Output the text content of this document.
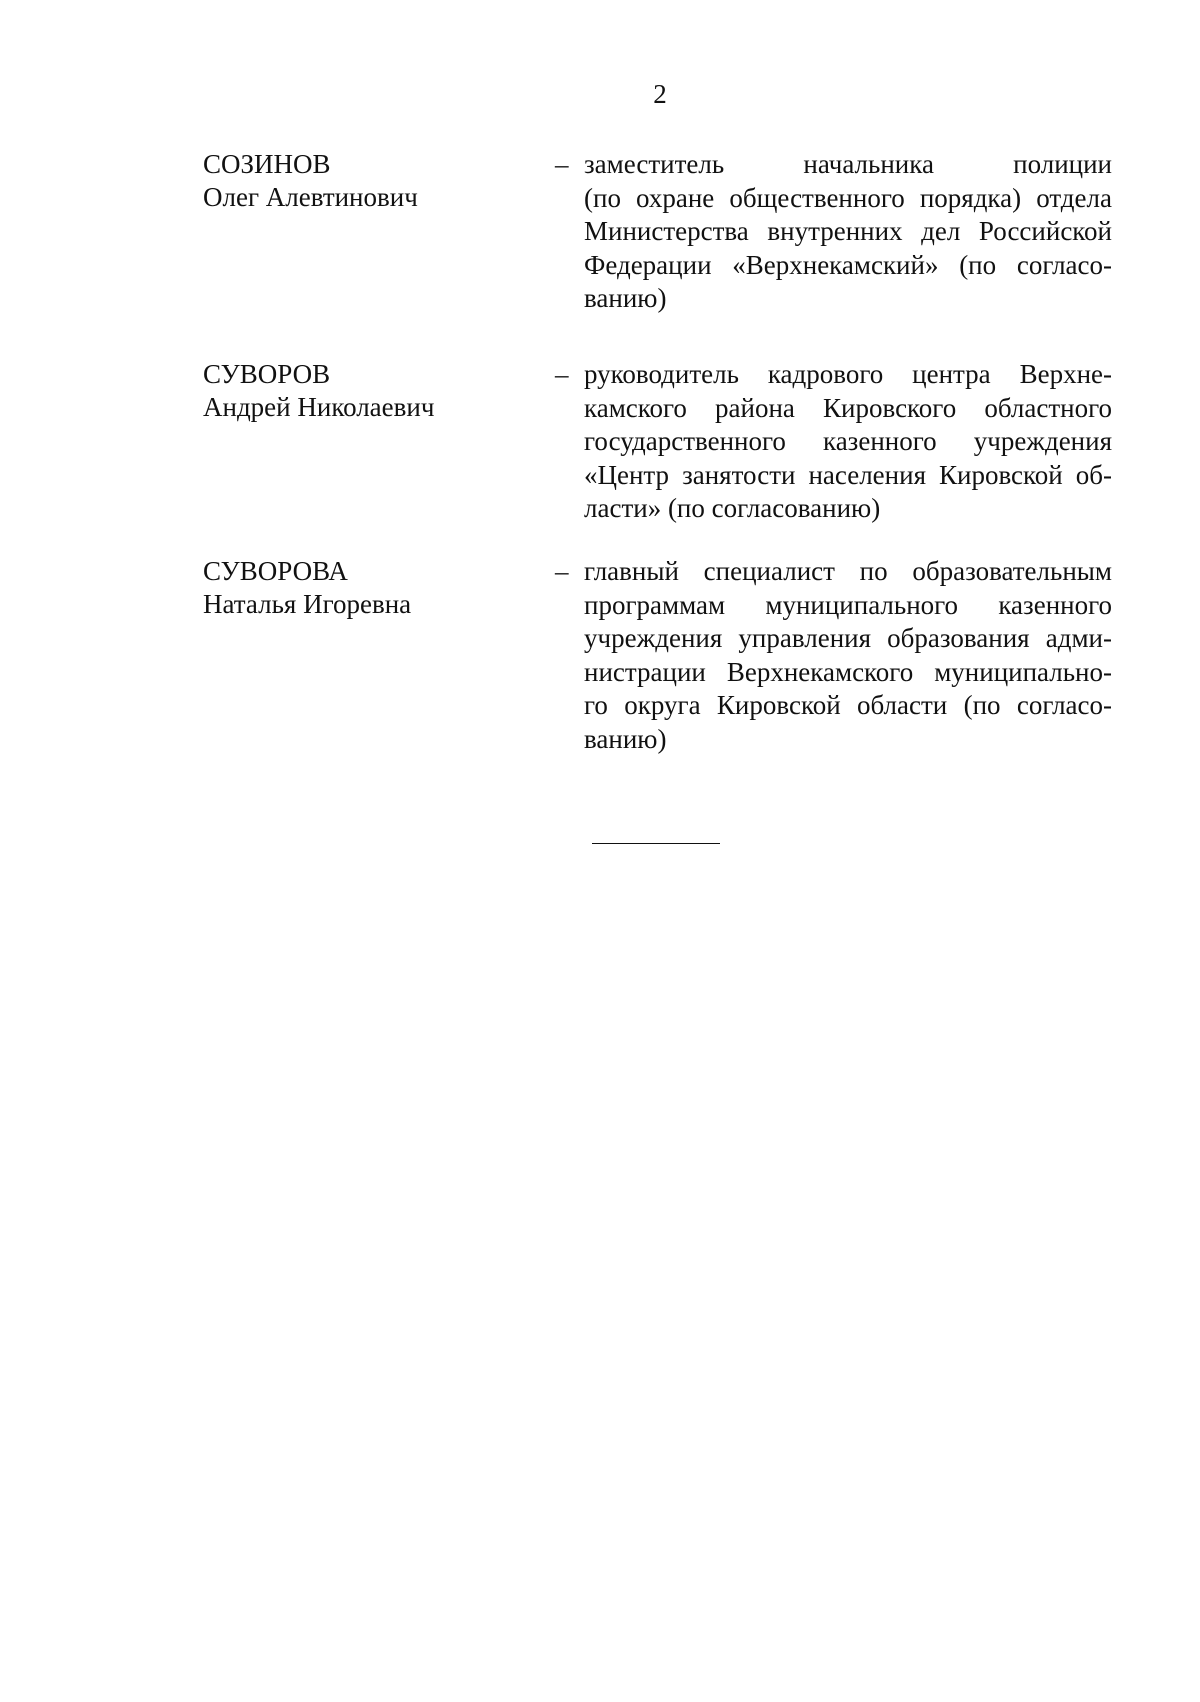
2
СОЗИНОВ
Олег Алевтинович
– заместитель начальника полиции
(по охране общественного порядка) отдела
Министерства внутренних дел Российской
Федерации «Верхнекамский» (по согласо-
ванию)
СУВОРОВ
Андрей Николаевич
– руководитель кадрового центра Верхне-
камского района Кировского областного
государственного казенного учреждения
«Центр занятости населения Кировской об-
ласти» (по согласованию)
СУВОРОВА
Наталья Игоревна
– главный специалист по образовательным
программам муниципального казенного
учреждения управления образования адми-
нистрации Верхнекамского муниципально-
го округа Кировской области (по согласо-
ванию)
